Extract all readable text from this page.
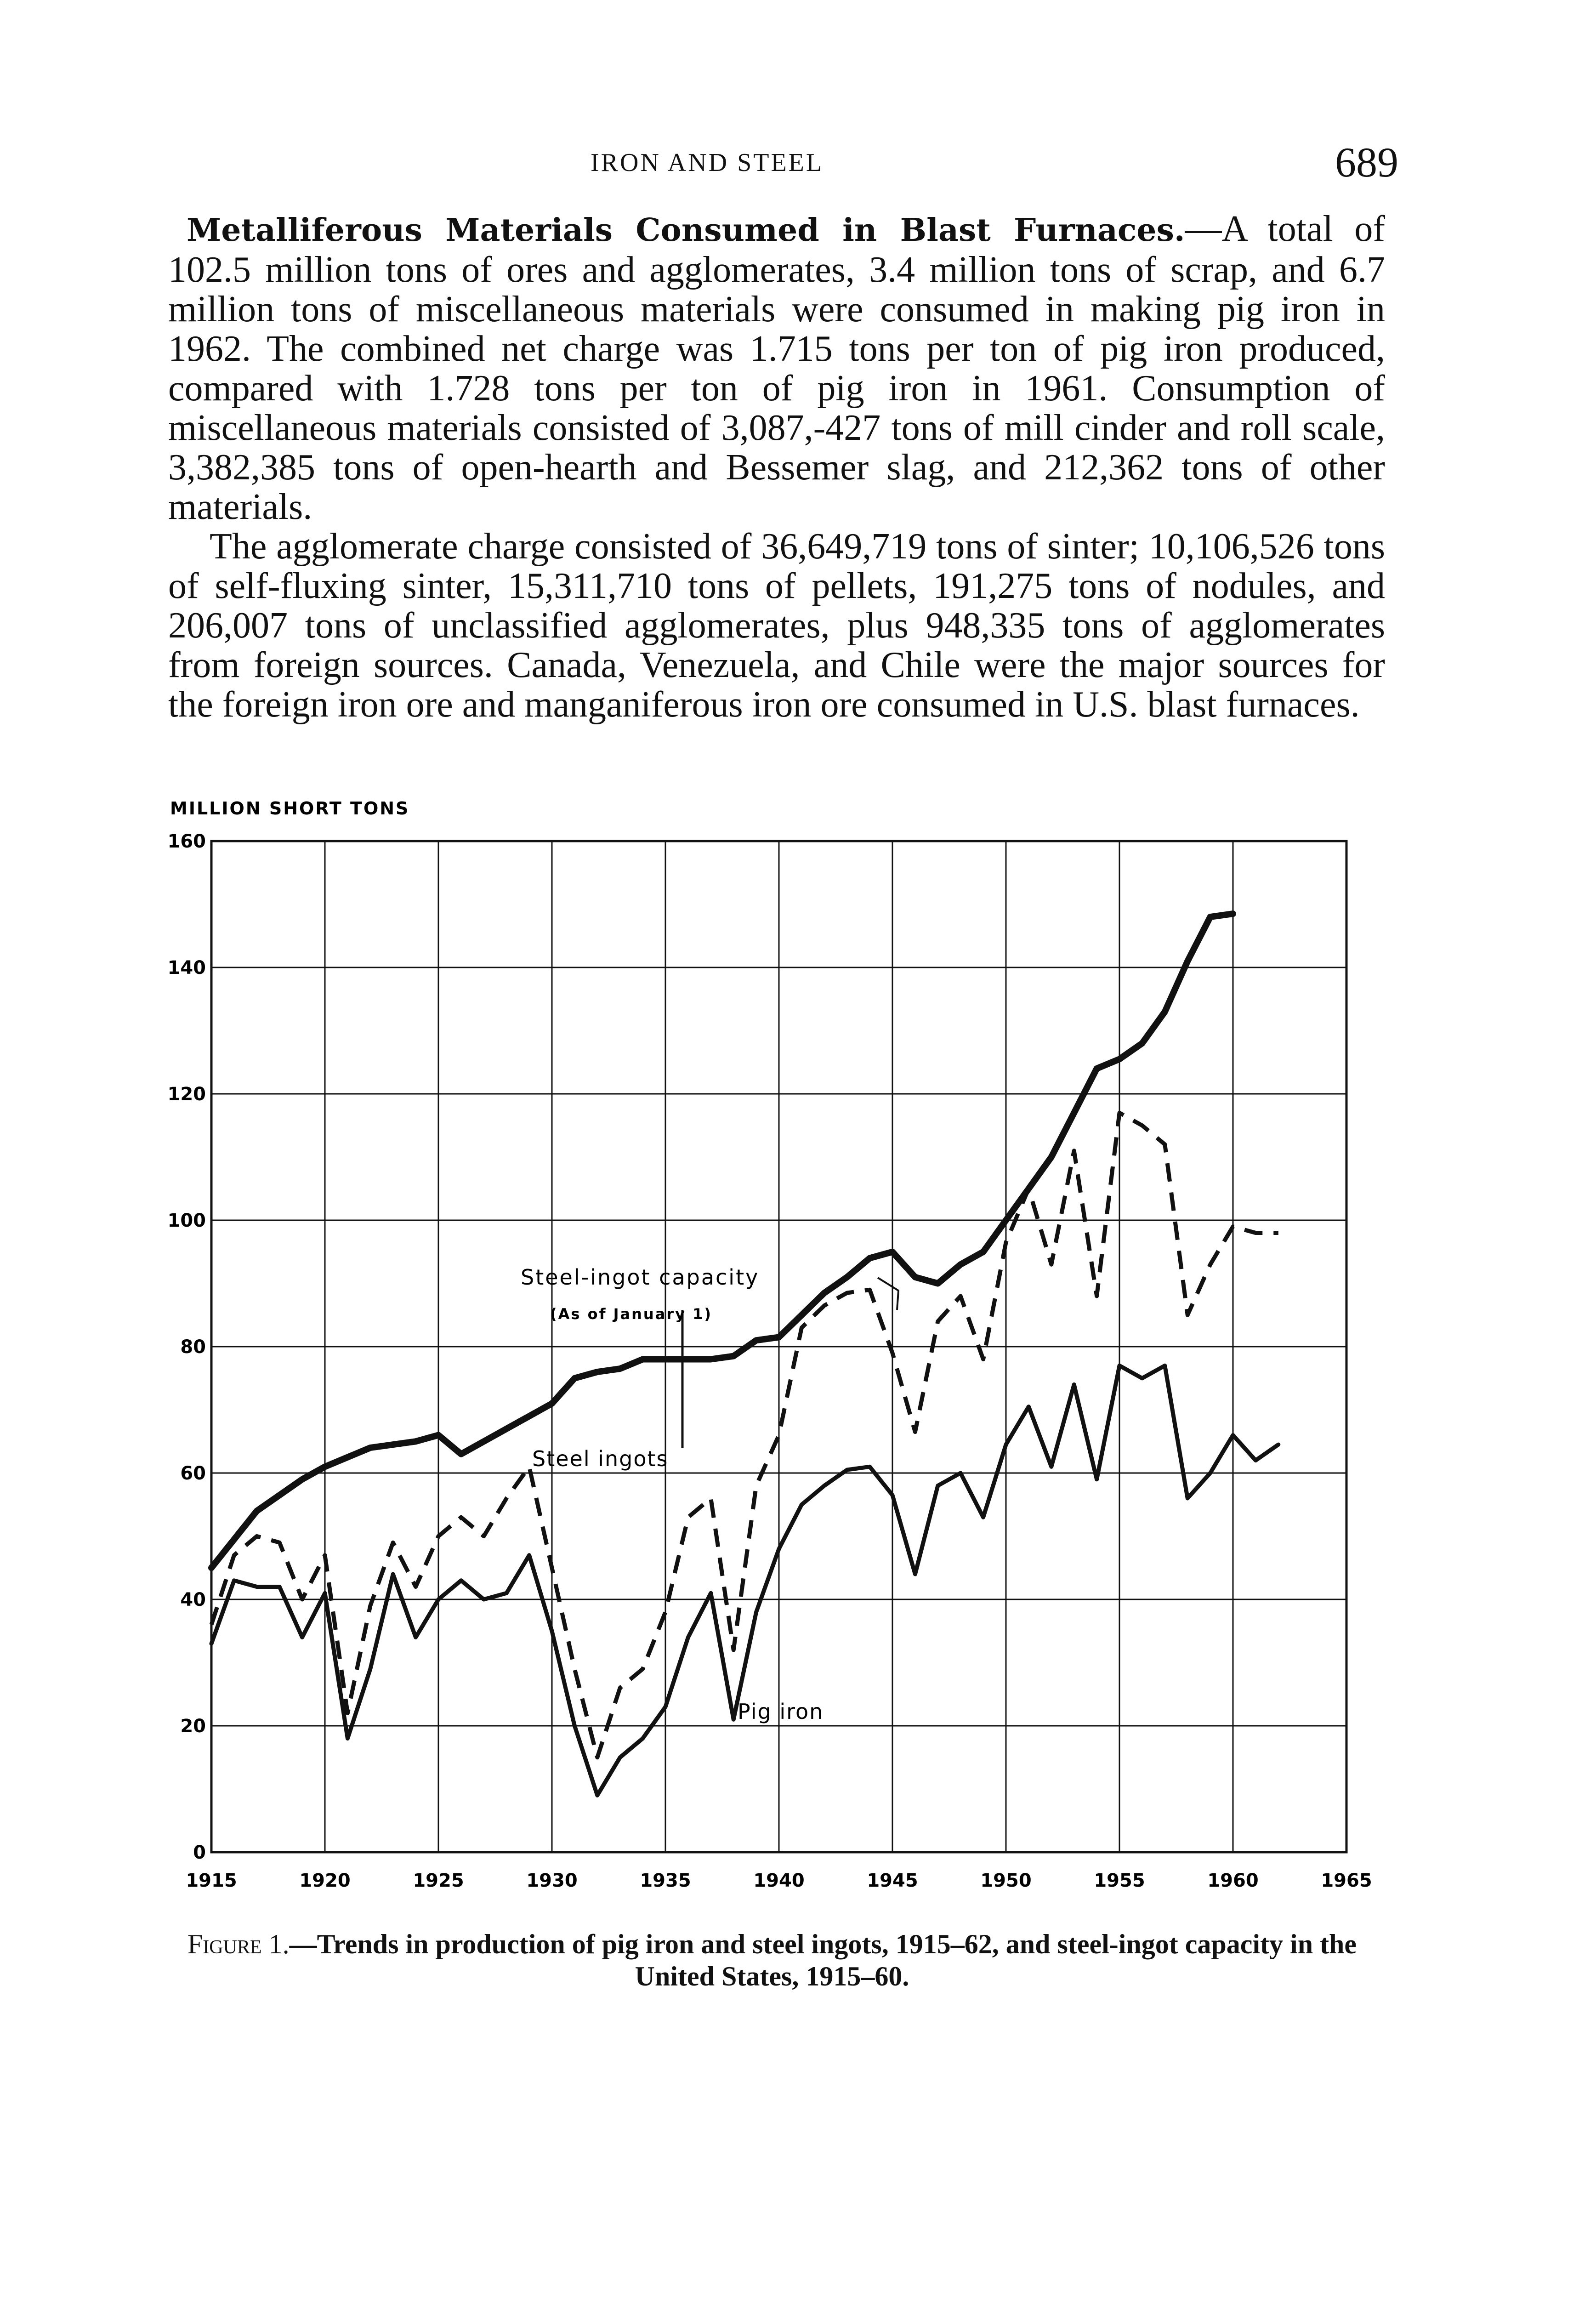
IRON AND STEEL	689

Metalliferous Materials Consumed in Blast Furnaces.—A total of 102.5 million tons of ores and agglomerates, 3.4 million tons of scrap, and 6.7 million tons of miscellaneous materials were consumed in making pig iron in 1962. The combined net charge was 1.715 tons per ton of pig iron produced, compared with 1.728 tons per ton of pig iron in 1961. Consumption of miscellaneous materials consisted of 3,087,-427 tons of mill cinder and roll scale, 3,382,385 tons of open-hearth and Bessemer slag, and 212,362 tons of other materials.

The agglomerate charge consisted of 36,649,719 tons of sinter; 10,106,526 tons of self-fluxing sinter, 15,311,710 tons of pellets, 191,275 tons of nodules, and 206,007 tons of unclassified agglomerates, plus 948,335 tons of agglomerates from foreign sources. Canada, Venezuela, and Chile were the major sources for the foreign iron ore and manganiferous iron ore consumed in U.S. blast furnaces.

1915	1920	1925	1930	1935	1940	1945	1950	1955	1960	1965
0
20
40
60
80
100
120
140
160
MILLION SHORT TONS
Steel-ingot capacity
(As of January 1)
Steel ingots
Pig iron
Figure 1.—Trends in production of pig iron and steel ingots, 1915–62, and steel-ingot capacity in the United States, 1915–60.
